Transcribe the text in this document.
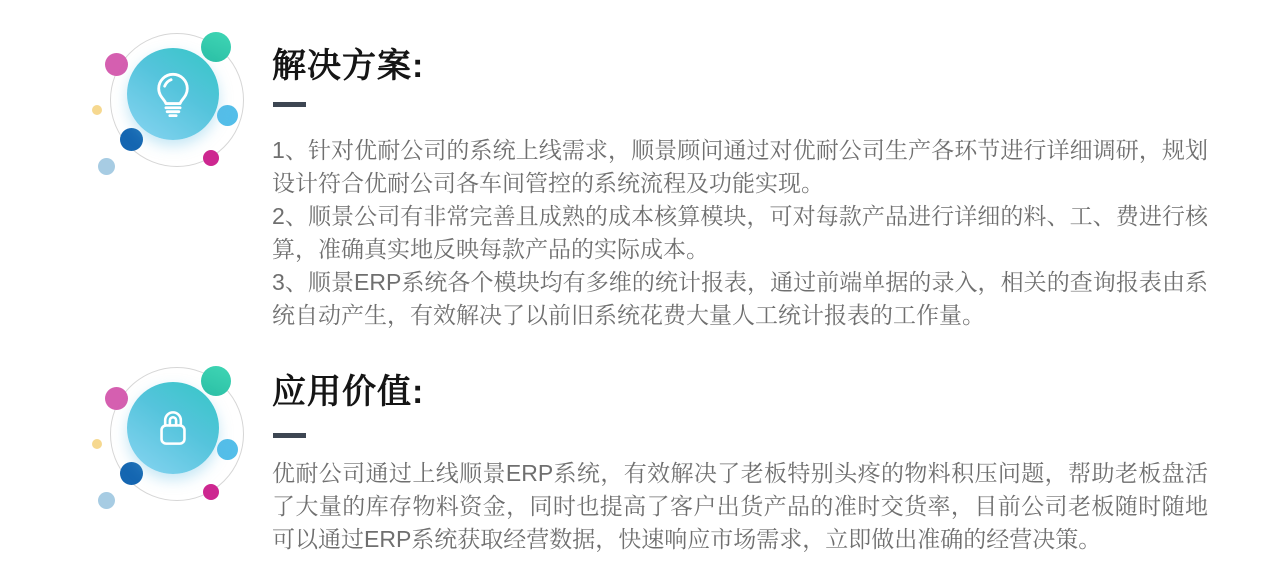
解决方案:

1、针对优耐公司的系统上线需求，顺景顾问通过对优耐公司生产各环节进行详细调研，规划设计符合优耐公司各车间管控的系统流程及功能实现。

2、顺景公司有非常完善且成熟的成本核算模块，可对每款产品进行详细的料、工、费进行核算，准确真实地反映每款产品的实际成本。

3、顺景ERP系统各个模块均有多维的统计报表，通过前端单据的录入，相关的查询报表由系统自动产生，有效解决了以前旧系统花费大量人工统计报表的工作量。

应用价值:

优耐公司通过上线顺景ERP系统，有效解决了老板特别头疼的物料积压问题，帮助老板盘活了大量的库存物料资金，同时也提高了客户出货产品的准时交货率，目前公司老板随时随地可以通过ERP系统获取经营数据，快速响应市场需求，立即做出准确的经营决策。
